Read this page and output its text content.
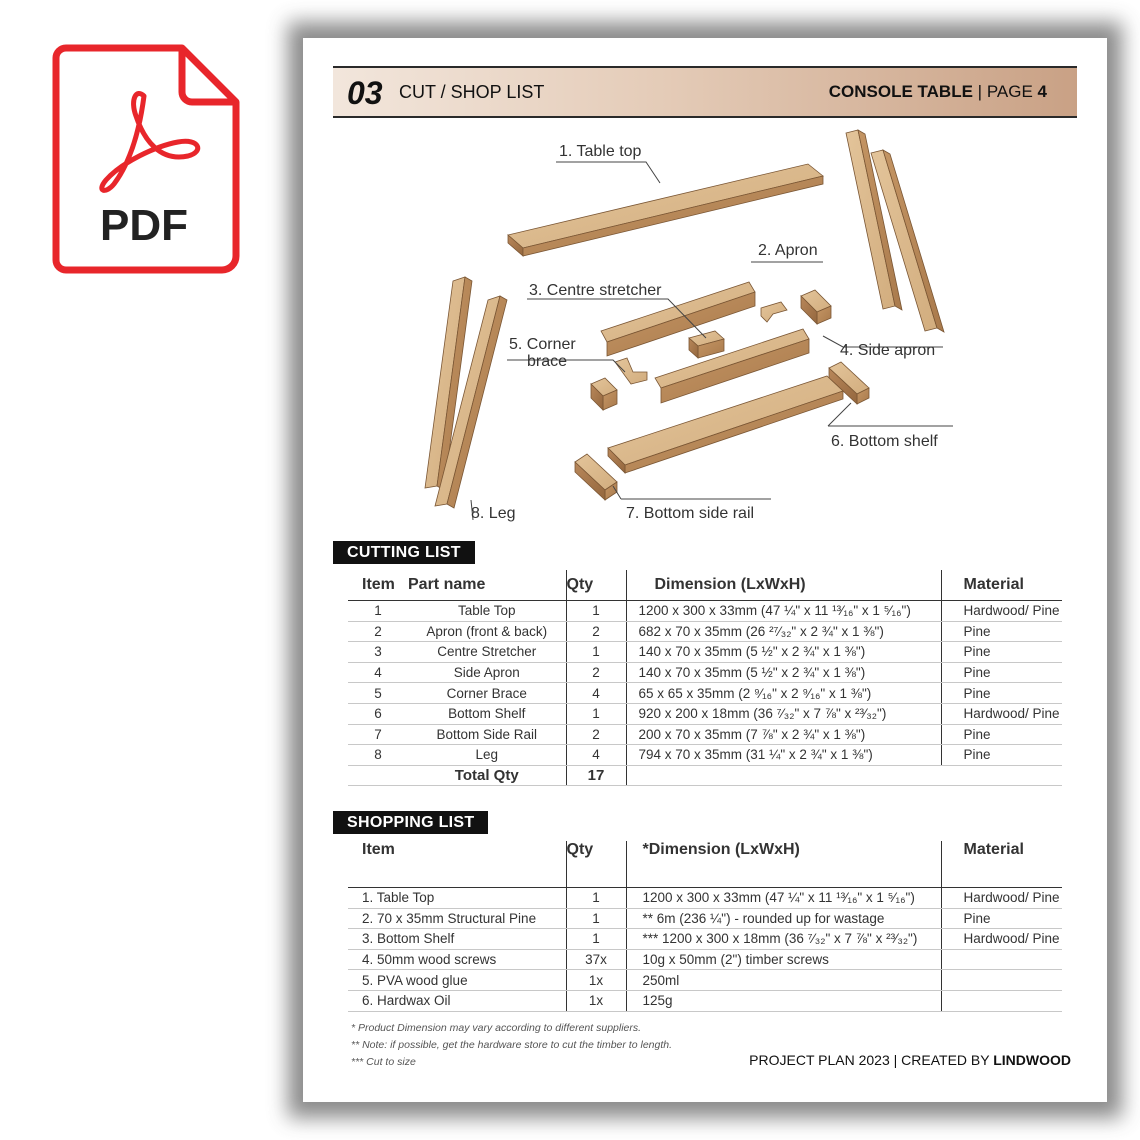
PDF
03 CUT / SHOP LIST	CONSOLE TABLE | PAGE 4
1. Table top
2. Apron
3. Centre stretcher
4. Side apron
5. Corner
brace
6. Bottom shelf
7. Bottom side rail
8. Leg
CUTTING LIST
Item	Part name	Qty	Dimension (LxWxH)	Material
1	Table Top	1	1200 x 300 x 33mm (47 ¼" x 11 ¹³⁄₁₆" x 1 ⁵⁄₁₆")	Hardwood/ Pine
2	Apron (front & back)	2	682 x 70 x 35mm (26 ²⁷⁄₃₂" x 2 ¾" x 1 ⅜")	Pine
3	Centre Stretcher	1	140 x 70 x 35mm (5 ½" x 2 ¾" x 1 ⅜")	Pine
4	Side Apron	2	140 x 70 x 35mm (5 ½" x 2 ¾" x 1 ⅜")	Pine
5	Corner Brace	4	65 x 65 x 35mm (2 ⁹⁄₁₆" x 2 ⁹⁄₁₆" x 1 ⅜")	Pine
6	Bottom Shelf	1	920 x 200 x 18mm (36 ⁷⁄₃₂" x 7 ⅞" x ²³⁄₃₂")	Hardwood/ Pine
7	Bottom Side Rail	2	200 x 70 x 35mm (7 ⅞" x 2 ¾" x 1 ⅜")	Pine
8	Leg	4	794 x 70 x 35mm (31 ¼" x 2 ¾" x 1 ⅜")	Pine
	Total Qty	17		
SHOPPING LIST
Item	Qty	*Dimension (LxWxH)	Material
1. Table Top	1	1200 x 300 x 33mm (47 ¼" x 11 ¹³⁄₁₆" x 1 ⁵⁄₁₆")	Hardwood/ Pine
2. 70 x 35mm Structural Pine	1	** 6m (236 ¼") - rounded up for wastage	Pine
3. Bottom Shelf	1	*** 1200 x 300 x 18mm (36 ⁷⁄₃₂" x 7 ⅞" x ²³⁄₃₂")	Hardwood/ Pine
4. 50mm wood screws	37x	10g x 50mm (2") timber screws	
5. PVA wood glue	1x	250ml	
6. Hardwax Oil	1x	125g	
* Product Dimension may vary according to different suppliers.
** Note: if possible, get the hardware store to cut the timber to length.
*** Cut to size	PROJECT PLAN 2023 | CREATED BY LINDWOOD
